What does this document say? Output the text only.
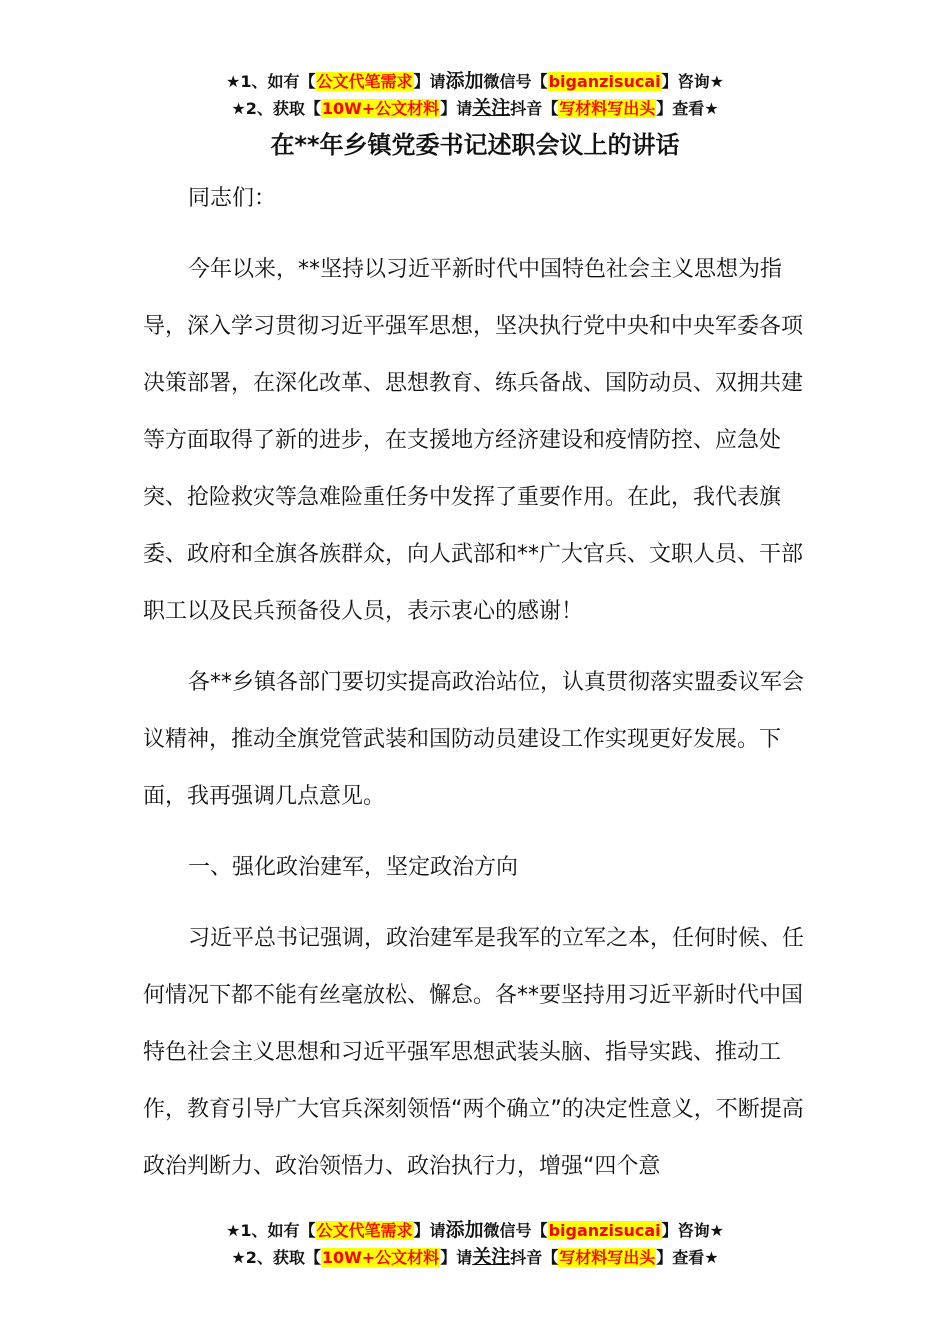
★1、如有【公文代笔需求】请添加微信号【biganzisucai】咨询★
★2、获取【10W+公文材料】请关注抖音【写材料写出头】查看★
在**年乡镇党委书记述职会议上的讲话

同志们：

今年以来，**坚持以习近平新时代中国特色社会主义思想为指导，深入学习贯彻习近平强军思想，坚决执行党中央和中央军委各项决策部署，在深化改革、思想教育、练兵备战、国防动员、双拥共建等方面取得了新的进步，在支援地方经济建设和疫情防控、应急处突、抢险救灾等急难险重任务中发挥了重要作用。在此，我代表旗委、政府和全旗各族群众，向人武部和**广大官兵、文职人员、干部职工以及民兵预备役人员，表示衷心的感谢！

各**乡镇各部门要切实提高政治站位，认真贯彻落实盟委议军会议精神，推动全旗党管武装和国防动员建设工作实现更好发展。下面，我再强调几点意见。

一、强化政治建军，坚定政治方向

习近平总书记强调，政治建军是我军的立军之本，任何时候、任何情况下都不能有丝毫放松、懈怠。各**要坚持用习近平新时代中国特色社会主义思想和习近平强军思想武装头脑、指导实践、推动工作，教育引导广大官兵深刻领悟“两个确立”的决定性意义，不断提高政治判断力、政治领悟力、政治执行力，增强“四个意

★1、如有【公文代笔需求】请添加微信号【biganzisucai】咨询★
★2、获取【10W+公文材料】请关注抖音【写材料写出头】查看★
